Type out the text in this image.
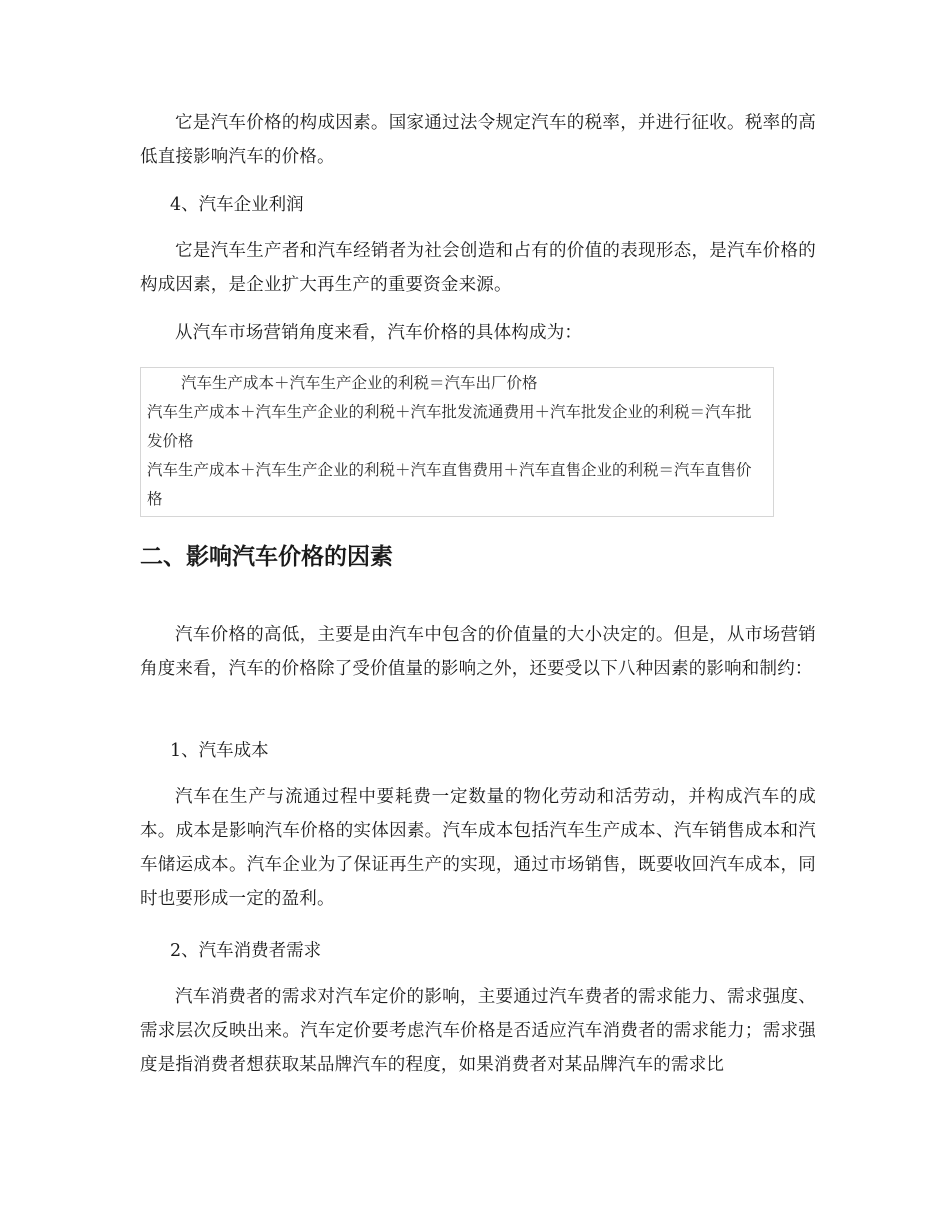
它是汽车价格的构成因素。国家通过法令规定汽车的税率，并进行征收。税率的高低直接影响汽车的价格。

4、汽车企业利润

它是汽车生产者和汽车经销者为社会创造和占有的价值的表现形态，是汽车价格的构成因素，是企业扩大再生产的重要资金来源。

从汽车市场营销角度来看，汽车价格的具体构成为：

汽车生产成本＋汽车生产企业的利税＝汽车出厂价格

汽车生产成本＋汽车生产企业的利税＋汽车批发流通费用＋汽车批发企业的利税＝汽车批发价格

汽车生产成本＋汽车生产企业的利税＋汽车直售费用＋汽车直售企业的利税＝汽车直售价格

二、影响汽车价格的因素

汽车价格的高低，主要是由汽车中包含的价值量的大小决定的。但是，从市场营销角度来看，汽车的价格除了受价值量的影响之外，还要受以下八种因素的影响和制约：

1、汽车成本

汽车在生产与流通过程中要耗费一定数量的物化劳动和活劳动，并构成汽车的成本。成本是影响汽车价格的实体因素。汽车成本包括汽车生产成本、汽车销售成本和汽车储运成本。汽车企业为了保证再生产的实现，通过市场销售，既要收回汽车成本，同时也要形成一定的盈利。

2、汽车消费者需求

汽车消费者的需求对汽车定价的影响，主要通过汽车费者的需求能力、需求强度、需求层次反映出来。汽车定价要考虑汽车价格是否适应汽车消费者的需求能力；需求强度是指消费者想获取某品牌汽车的程度，如果消费者对某品牌汽车的需求比
